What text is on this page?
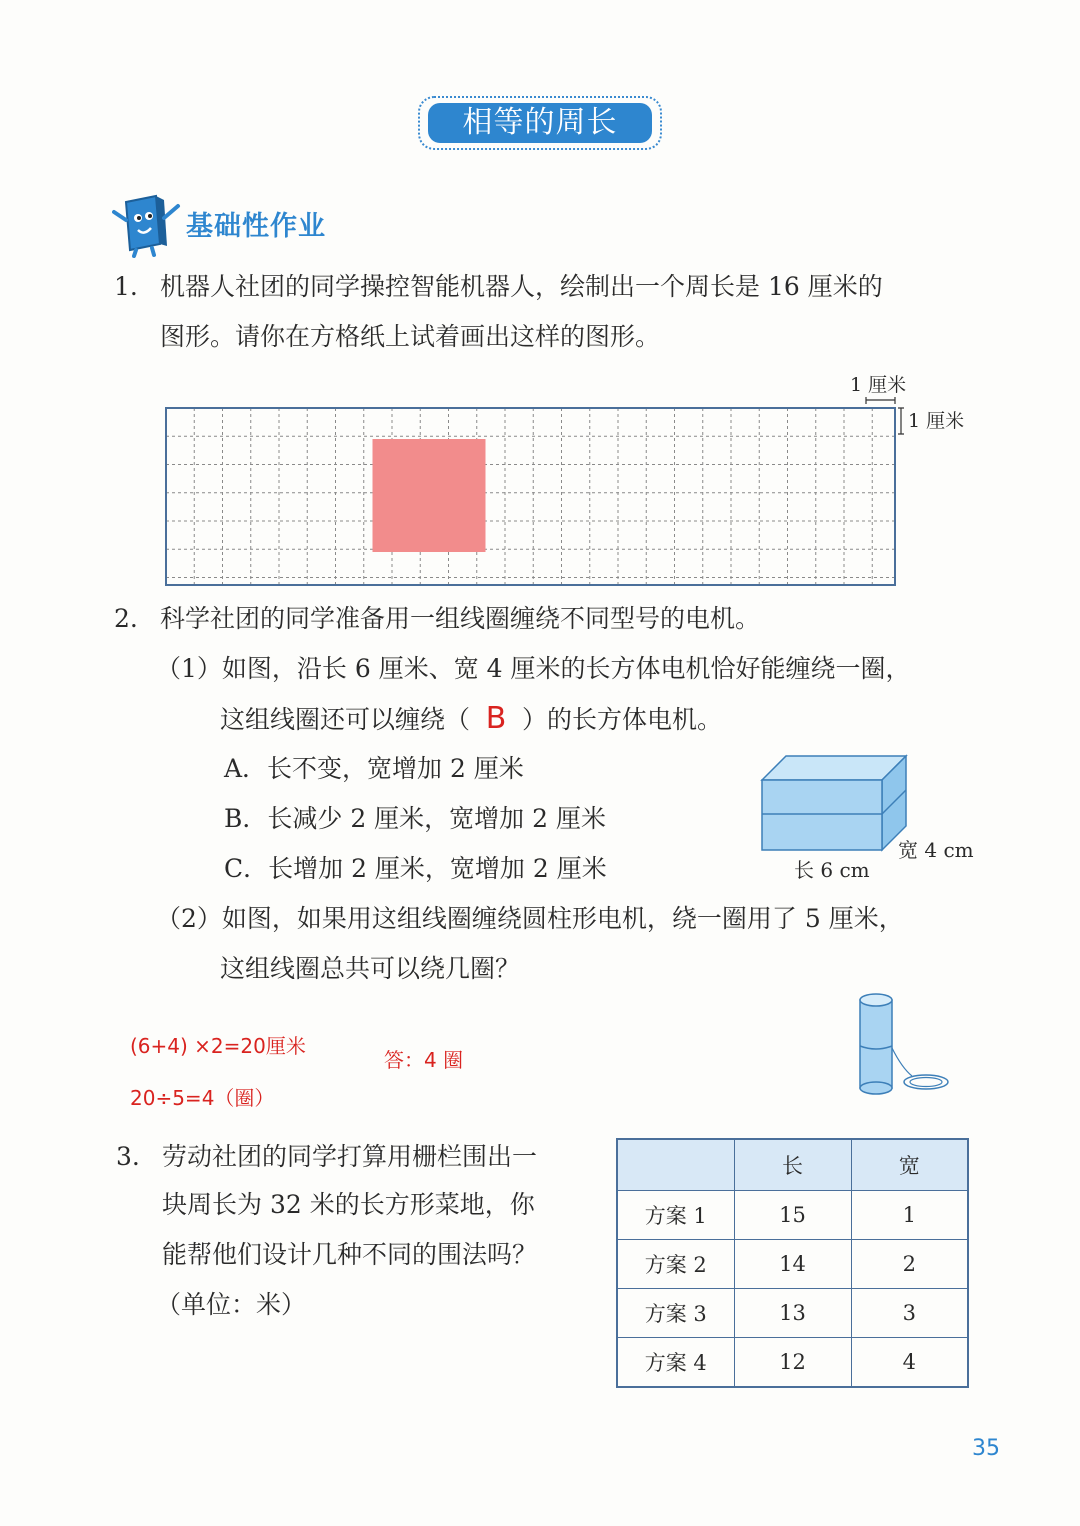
相等的周长
基础性作业
1. 机器人社团的同学操控智能机器人，绘制出一个周长是 16 厘米的
图形。请你在方格纸上试着画出这样的图形。
1 厘米
1 厘米
2. 科学社团的同学准备用一组线圈缠绕不同型号的电机。
（1）如图，沿长 6 厘米、宽 4 厘米的长方体电机恰好能缠绕一圈，
这组线圈还可以缠绕（ B ）的长方体电机。
A．长不变，宽增加 2 厘米
B．长减少 2 厘米，宽增加 2 厘米
C．长增加 2 厘米，宽增加 2 厘米
宽 4 cm
长 6 cm
（2）如图，如果用这组线圈缠绕圆柱形电机，绕一圈用了 5 厘米，
这组线圈总共可以绕几圈？
(6+4) ×2=20厘米
20÷5=4（圈）
答：4 圈
3. 劳动社团的同学打算用栅栏围出一
块周长为 32 米的长方形菜地，你
能帮他们设计几种不同的围法吗？
（单位：米）
	长	宽
方案 1	15	1
方案 2	14	2
方案 3	13	3
方案 4	12	4
35
